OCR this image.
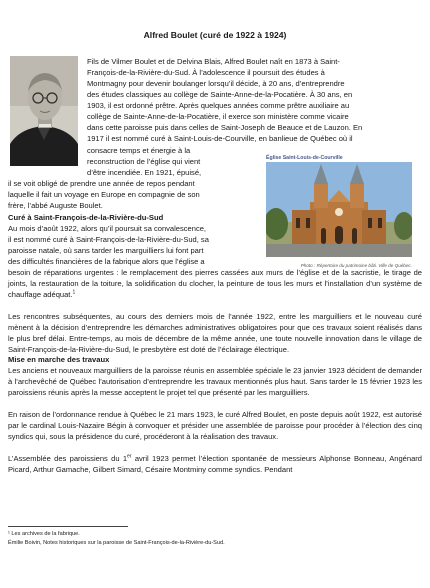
Alfred Boulet (curé de 1922 à 1924)

Fils de Vilmer Boulet et de Delvina Blais, Alfred Boulet naît en 1873 à Saint-

François-de-la-Rivière-du-Sud. À l’adolescence il poursuit des études à

Montmagny pour devenir boulanger lorsqu’il décide, à 20 ans, d’entreprendre

des études classiques au collège de Sainte-Anne-de-la-Pocatière. À 30 ans, en

1903, il est ordonné prêtre. Après quelques années comme prêtre auxiliaire au

collège de Sainte-Anne-de-la-Pocatière, il exerce son ministère comme vicaire

dans cette paroisse puis dans celles de Saint-Joseph de Beauce et de Lauzon. En

1917 il est nommé curé à Saint-Louis-de-Courville, en banlieue de Québec où il

consacre temps et énergie à la

reconstruction de l’église qui vient

d’être incendiée. En 1921, épuisé,

il se voit obligé de prendre une année de repos pendant

laquelle il fait un voyage en Europe en compagnie de son

frère, l’abbé Auguste Boulet.

Église Saint-Louis-de-Courville
Photo : Répertoire du patrimoine bâti. Ville de Québec.
Curé à Saint-François-de-la-Rivière-du-Sud

Au mois d’août 1922, alors qu’il poursuit sa convalescence,

il est nommé curé à Saint-François-de-la-Rivière-du-Sud, sa

paroisse natale, où sans tarder les marguilliers lui font part

des difficultés financières de la fabrique alors que l’église a

besoin de réparations urgentes : le remplacement des pierres cassées aux murs de l’église et de la sacristie, le tirage de joints, la restauration de la toiture, la solidification du clocher, la peinture de tous les murs et l’installation d’un système de chauffage adéquat.$^1$

Les rencontres subséquentes, au cours des derniers mois de l’année 1922, entre les marguilliers et le nouveau curé mènent à la décision d’entreprendre les démarches administratives obligatoires pour que ces travaux soient réalisés dans le plus bref délai. Entre-temps, au mois de décembre de la même année, une toute nouvelle innovation dans le village de Saint-François-de-la-Rivière-du-Sud, le presbytère est doté de l’éclairage électrique.

Mise en marche des travaux

Les anciens et nouveaux marguilliers de la paroisse réunis en assemblée spéciale le 23 janvier 1923 décident de demander à l’archevêché de Québec l’autorisation d’entreprendre les travaux mentionnés plus haut. Sans tarder le 15 février 1923 les paroissiens réunis après la messe acceptent le projet tel que présenté par les marguilliers.

En raison de l’ordonnance rendue à Québec le 21 mars 1923, le curé Alfred Boulet, en poste depuis août 1922, est autorisé par le cardinal Louis-Nazaire Bégin à convoquer et présider une assemblée de paroisse pour procéder à l’élection des cinq syndics qui, sous la présidence du curé, procéderont à la réalisation des travaux.

L’Assemblée des paroissiens du 1er avril 1923 permet l’élection spontanée de messieurs Alphonse Bonneau, Angénard Picard, Arthur Gamache, Gilbert Simard, Césaire Montminy comme syndics. Pendant

¹ Les archives de la fabrique.

Émilie Boivin, Notes historiques sur la paroisse de Saint-François-de-la-Rivière-du-Sud.
